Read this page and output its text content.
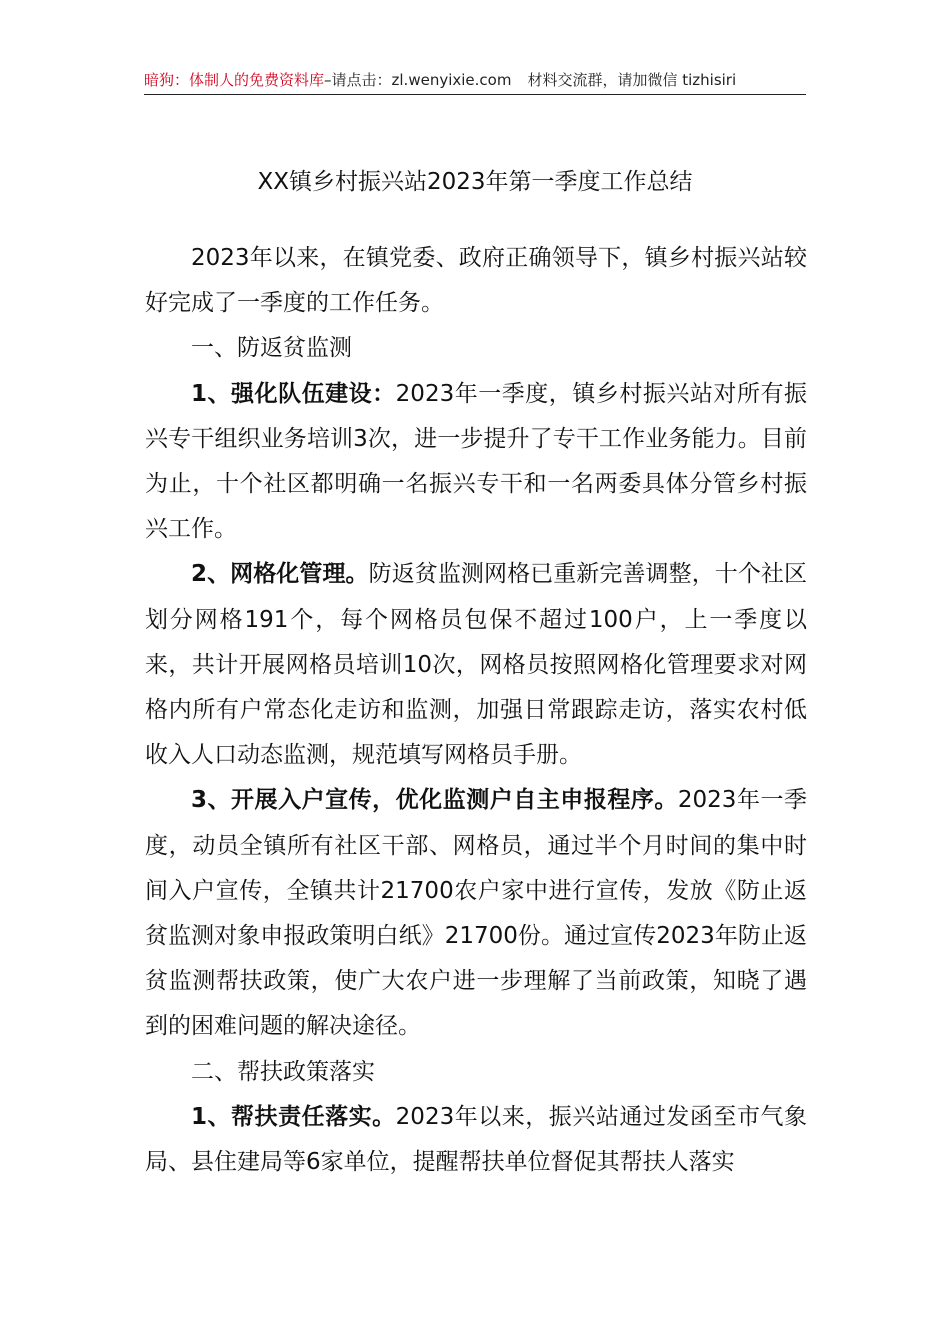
暗狗：体制人的免费资料库–请点击：zl.wenyixie.com 材料交流群，请加微信 tizhisiri
XX镇乡村振兴站2023年第一季度工作总结

2023年以来，在镇党委、政府正确领导下，镇乡村振兴站较好完成了一季度的工作任务。

一、防返贫监测

1、强化队伍建设：2023年一季度，镇乡村振兴站对所有振兴专干组织业务培训3次，进一步提升了专干工作业务能力。目前为止，十个社区都明确一名振兴专干和一名两委具体分管乡村振兴工作。

2、网格化管理。防返贫监测网格已重新完善调整，十个社区划分网格191个，每个网格员包保不超过100户，上一季度以来，共计开展网格员培训10次，网格员按照网格化管理要求对网格内所有户常态化走访和监测，加强日常跟踪走访，落实农村低收入人口动态监测，规范填写网格员手册。

3、开展入户宣传，优化监测户自主申报程序。2023年一季度，动员全镇所有社区干部、网格员，通过半个月时间的集中时间入户宣传，全镇共计21700农户家中进行宣传，发放《防止返贫监测对象申报政策明白纸》21700份。通过宣传2023年防止返贫监测帮扶政策，使广大农户进一步理解了当前政策，知晓了遇到的困难问题的解决途径。

二、帮扶政策落实

1、帮扶责任落实。2023年以来，振兴站通过发函至市气象局、县住建局等6家单位，提醒帮扶单位督促其帮扶人落实
